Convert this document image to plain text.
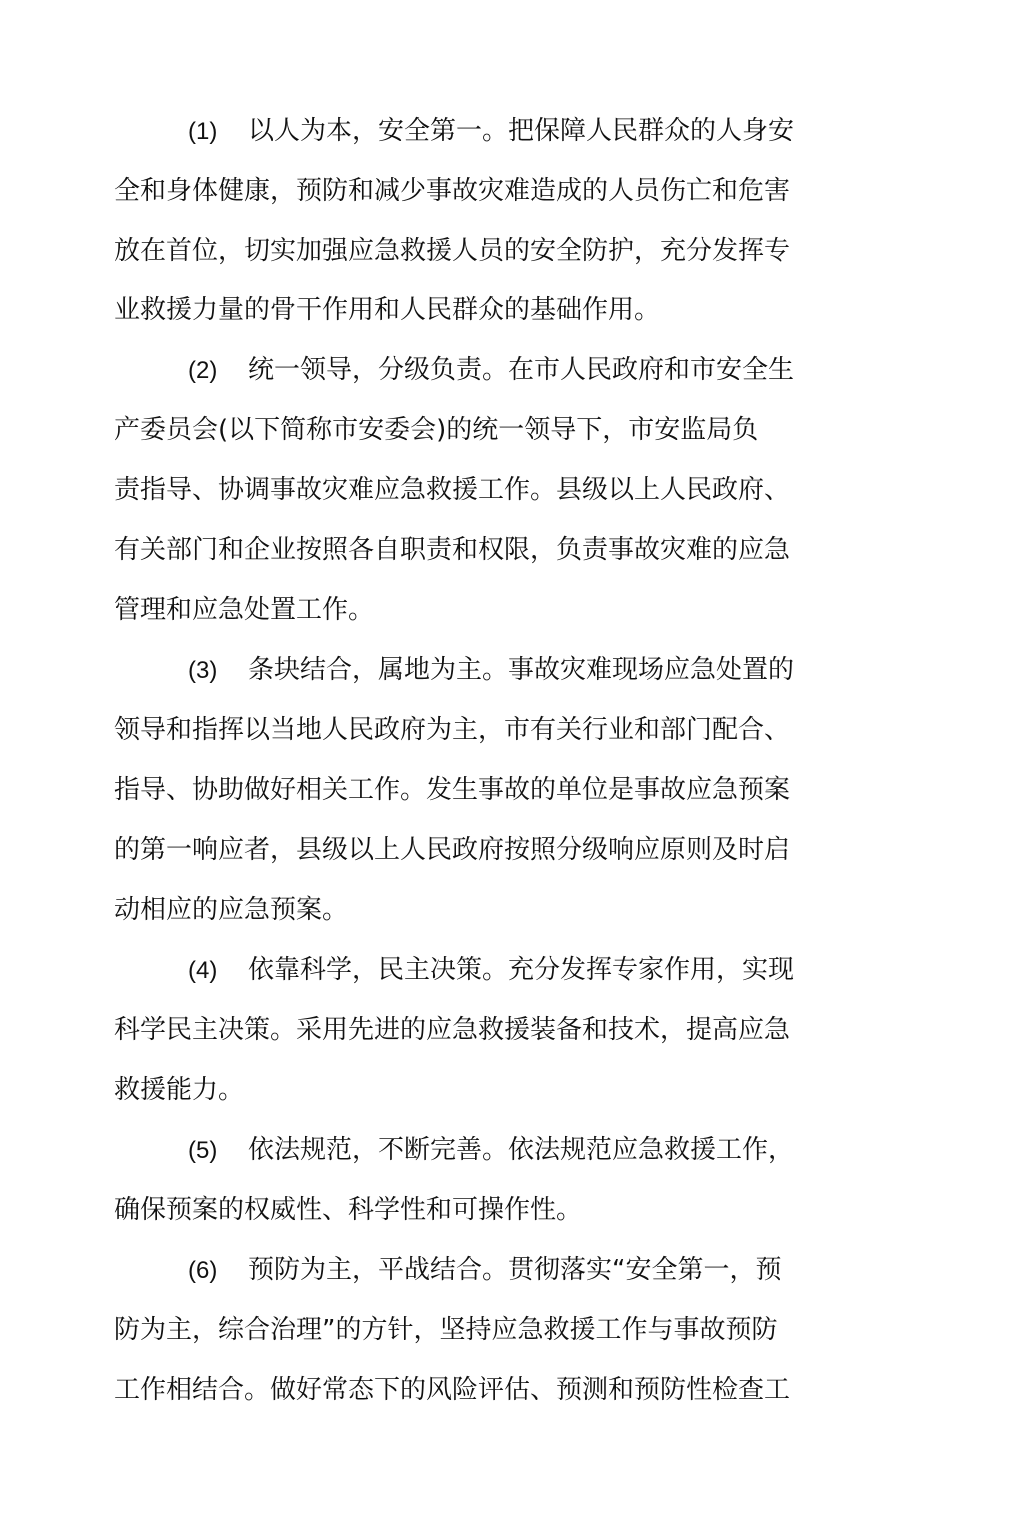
(1) 以人为本，安全第一。把保障人民群众的人身安
全和身体健康，预防和减少事故灾难造成的人员伤亡和危害
放在首位，切实加强应急救援人员的安全防护，充分发挥专
业救援力量的骨干作用和人民群众的基础作用。
(2) 统一领导，分级负责。在市人民政府和市安全生
产委员会(以下简称市安委会)的统一领导下，市安监局负
责指导、协调事故灾难应急救援工作。县级以上人民政府、
有关部门和企业按照各自职责和权限，负责事故灾难的应急
管理和应急处置工作。
(3) 条块结合，属地为主。事故灾难现场应急处置的
领导和指挥以当地人民政府为主，市有关行业和部门配合、
指导、协助做好相关工作。发生事故的单位是事故应急预案
的第一响应者，县级以上人民政府按照分级响应原则及时启
动相应的应急预案。
(4) 依靠科学，民主决策。充分发挥专家作用，实现
科学民主决策。采用先进的应急救援装备和技术，提高应急
救援能力。
(5) 依法规范，不断完善。依法规范应急救援工作，
确保预案的权威性、科学性和可操作性。
(6) 预防为主，平战结合。贯彻落实“安全第一，预
防为主，综合治理”的方针，坚持应急救援工作与事故预防
工作相结合。做好常态下的风险评估、预测和预防性检查工
